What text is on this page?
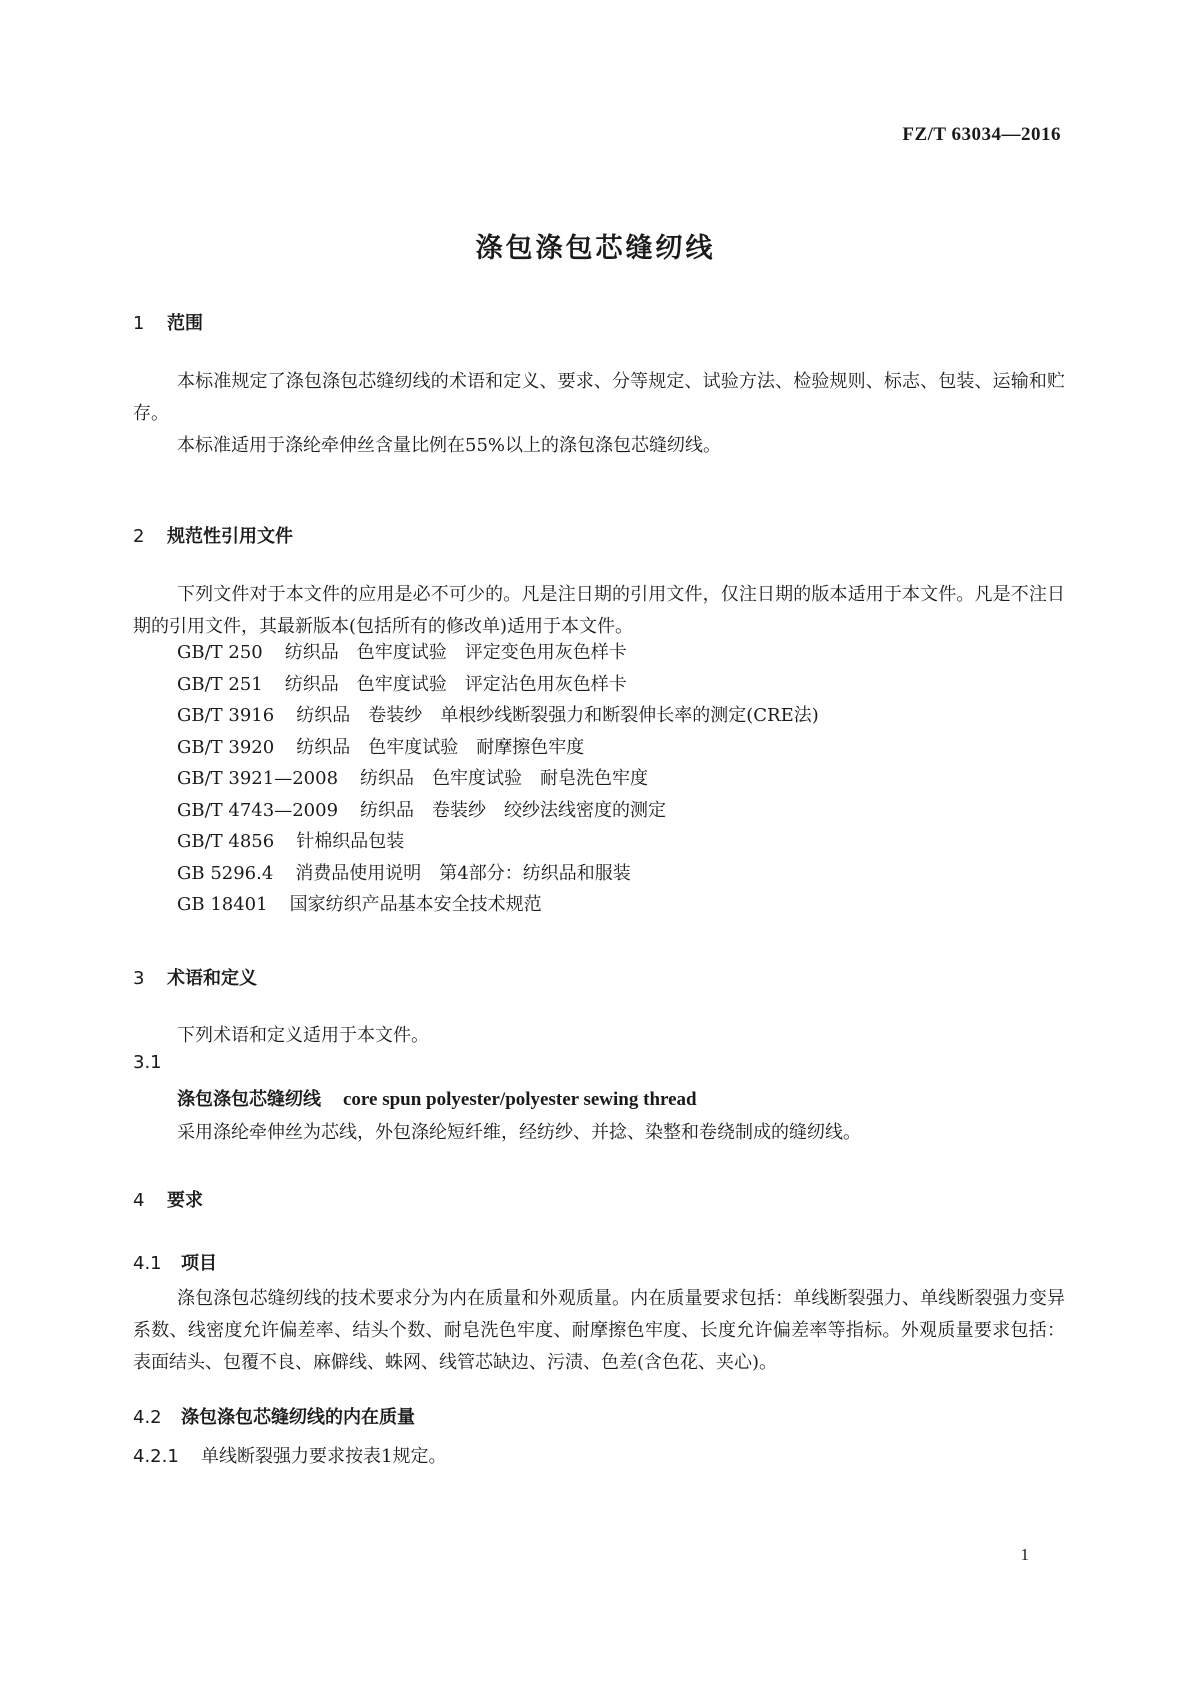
FZ/T 63034—2016
涤包涤包芯缝纫线
1 范围

本标准规定了涤包涤包芯缝纫线的术语和定义、要求、分等规定、试验方法、检验规则、标志、包装、运输和贮存。

本标准适用于涤纶牵伸丝含量比例在55%以上的涤包涤包芯缝纫线。

2 规范性引用文件

下列文件对于本文件的应用是必不可少的。凡是注日期的引用文件，仅注日期的版本适用于本文件。凡是不注日期的引用文件，其最新版本(包括所有的修改单)适用于本文件。

GB/T 250 纺织品　色牢度试验　评定变色用灰色样卡
GB/T 251 纺织品　色牢度试验　评定沾色用灰色样卡
GB/T 3916 纺织品　卷装纱　单根纱线断裂强力和断裂伸长率的测定(CRE法)
GB/T 3920 纺织品　色牢度试验　耐摩擦色牢度
GB/T 3921—2008 纺织品　色牢度试验　耐皂洗色牢度
GB/T 4743—2009 纺织品　卷装纱　绞纱法线密度的测定
GB/T 4856 针棉织品包装
GB 5296.4 消费品使用说明　第4部分：纺织品和服装
GB 18401 国家纺织产品基本安全技术规范
3 术语和定义

下列术语和定义适用于本文件。

3.1
涤包涤包芯缝纫线 core spun polyester/polyester sewing thread
采用涤纶牵伸丝为芯线，外包涤纶短纤维，经纺纱、并捻、染整和卷绕制成的缝纫线。
4 要求
4.1 项目

涤包涤包芯缝纫线的技术要求分为内在质量和外观质量。内在质量要求包括：单线断裂强力、单线断裂强力变异系数、线密度允许偏差率、结头个数、耐皂洗色牢度、耐摩擦色牢度、长度允许偏差率等指标。外观质量要求包括：表面结头、包覆不良、麻僻线、蛛网、线管芯缺边、污渍、色差(含色花、夹心)。

4.2 涤包涤包芯缝纫线的内在质量
4.2.1 单线断裂强力要求按表1规定。
1
